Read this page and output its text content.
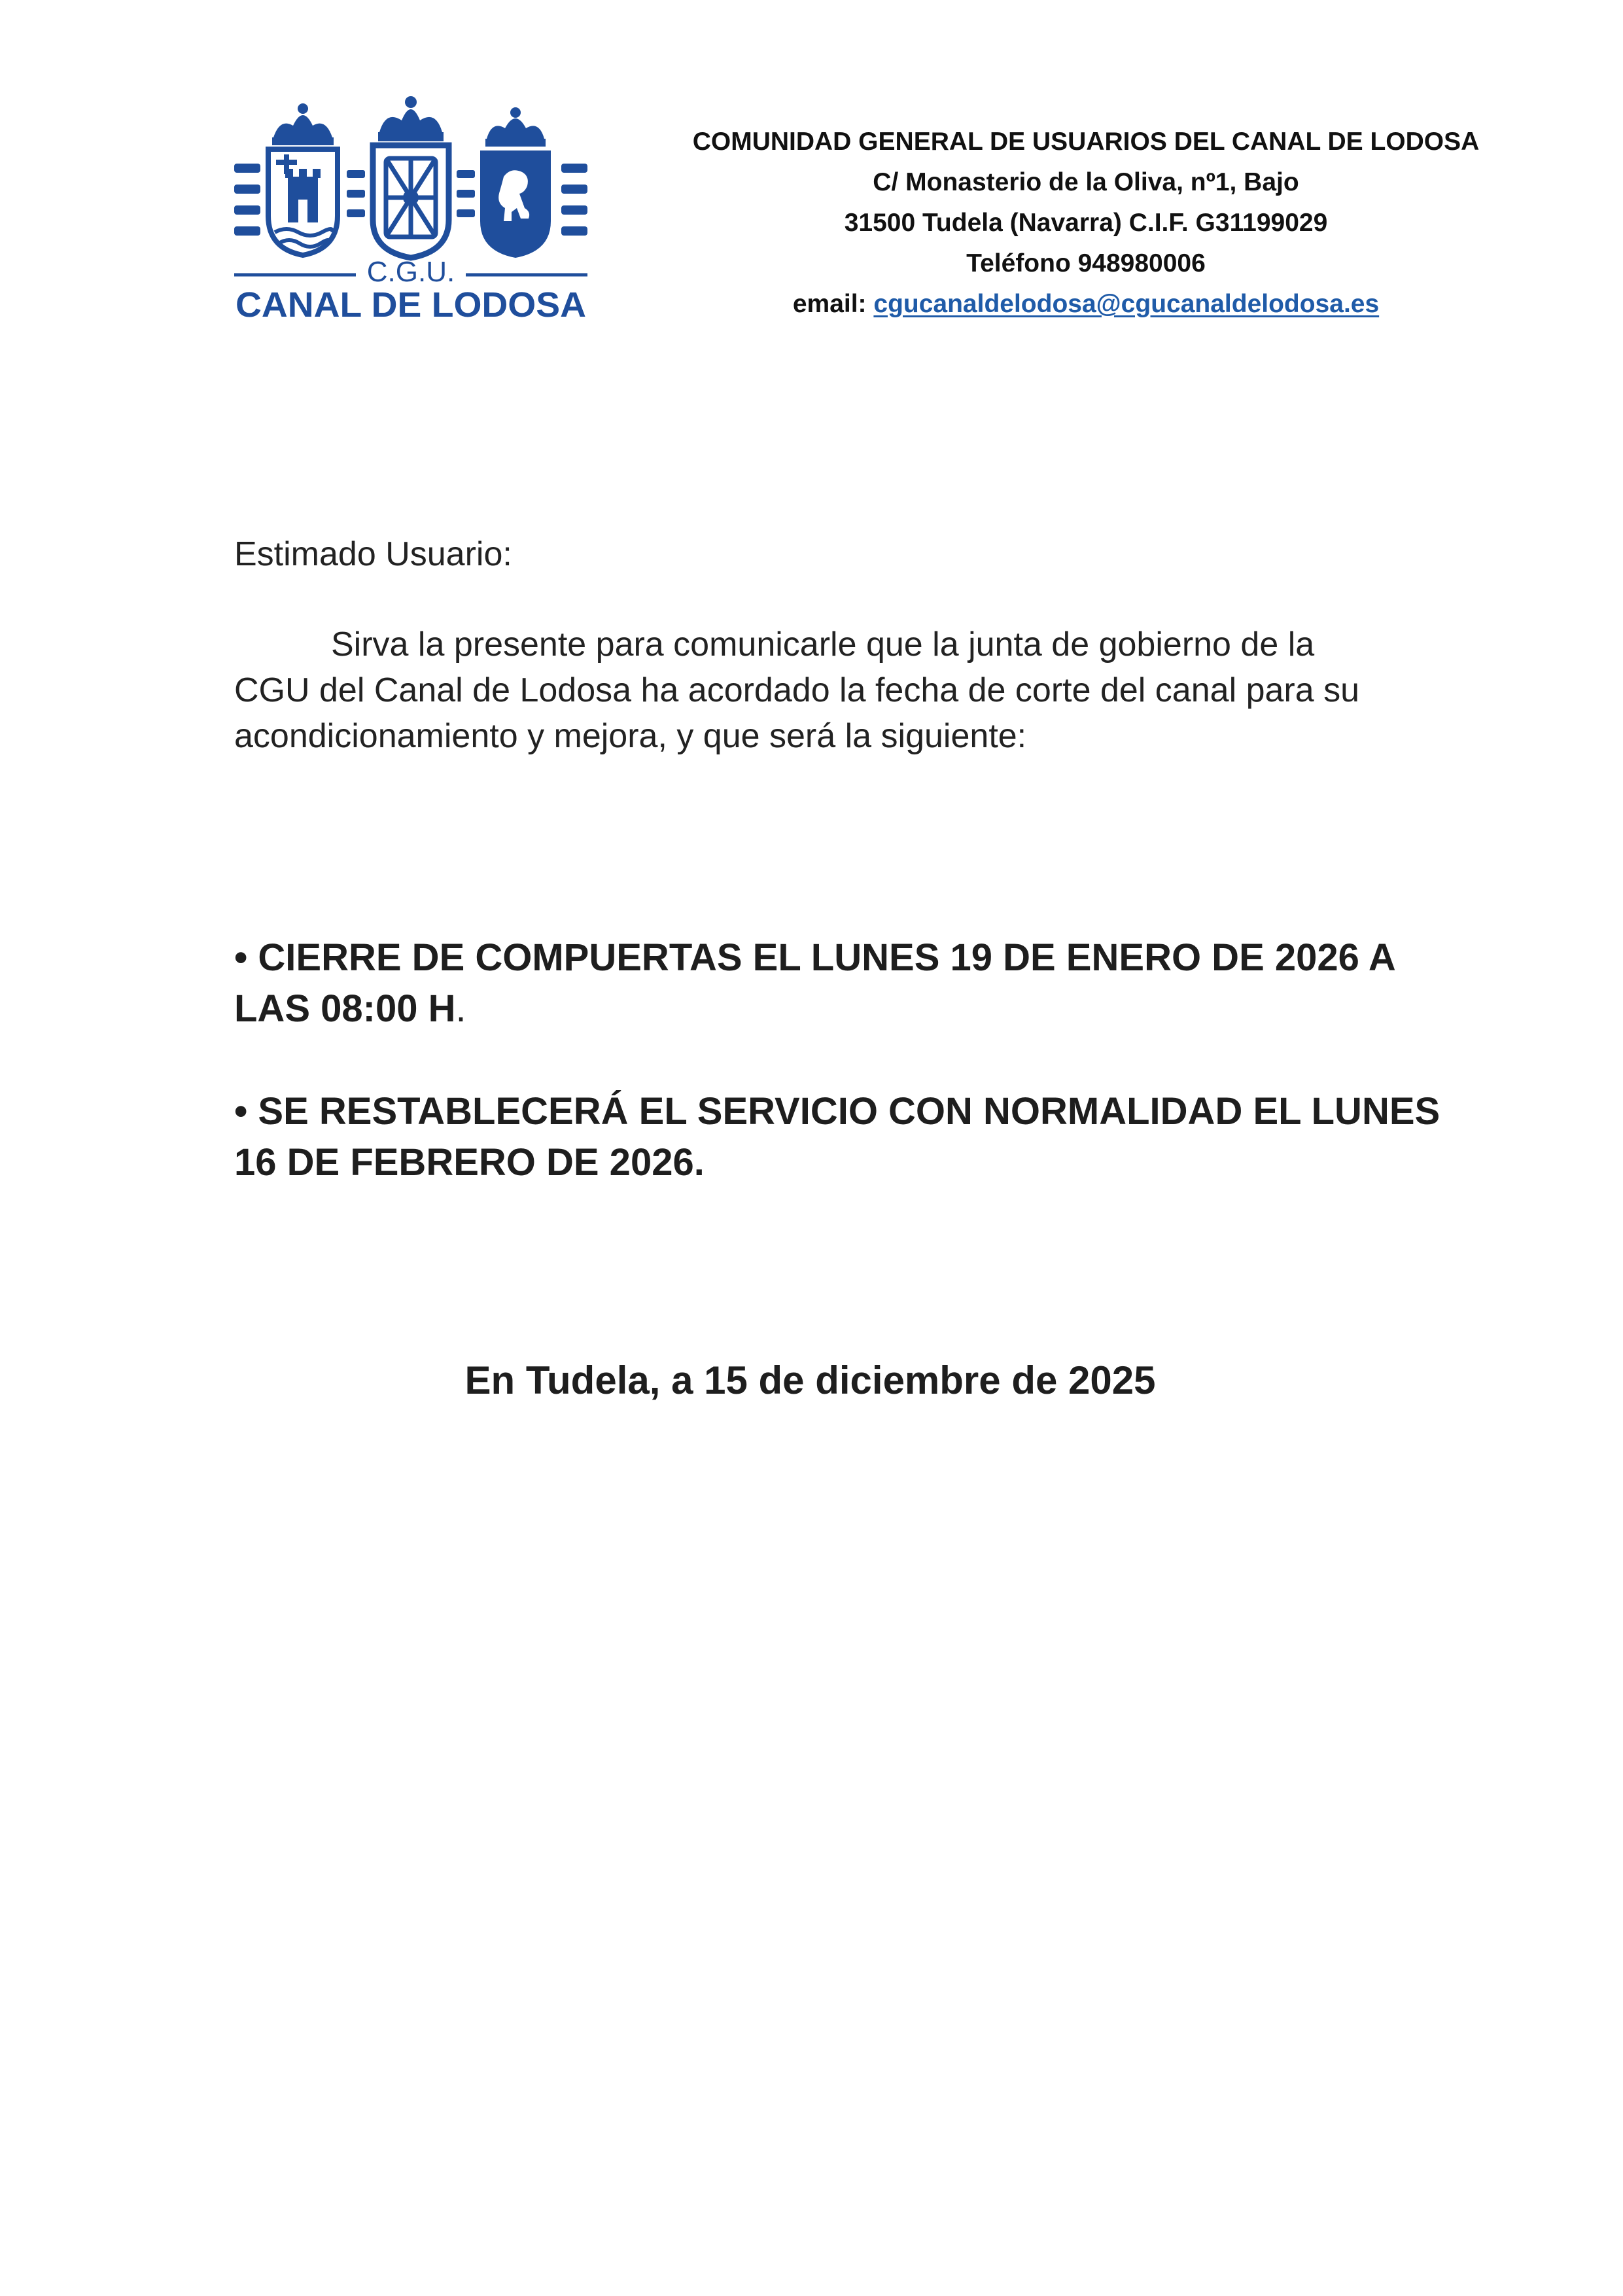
C.G.U.
CANAL DE LODOSA
COMUNIDAD GENERAL DE USUARIOS DEL CANAL DE LODOSA
C/ Monasterio de la Oliva, nº1, Bajo
31500 Tudela (Navarra) C.I.F. G31199029
Teléfono 948980006
email: cgucanaldelodosa@cgucanaldelodosa.es
Estimado Usuario:
Sirva la presente para comunicarle que la junta de gobierno de la
CGU del Canal de Lodosa ha acordado la fecha de corte del canal para su
acondicionamiento y mejora, y que será la siguiente:
• CIERRE DE COMPUERTAS EL LUNES 19 DE ENERO DE 2026 A
LAS 08:00 H.
• SE RESTABLECERÁ EL SERVICIO CON NORMALIDAD EL LUNES
16 DE FEBRERO DE 2026.
En Tudela, a 15 de diciembre de 2025
